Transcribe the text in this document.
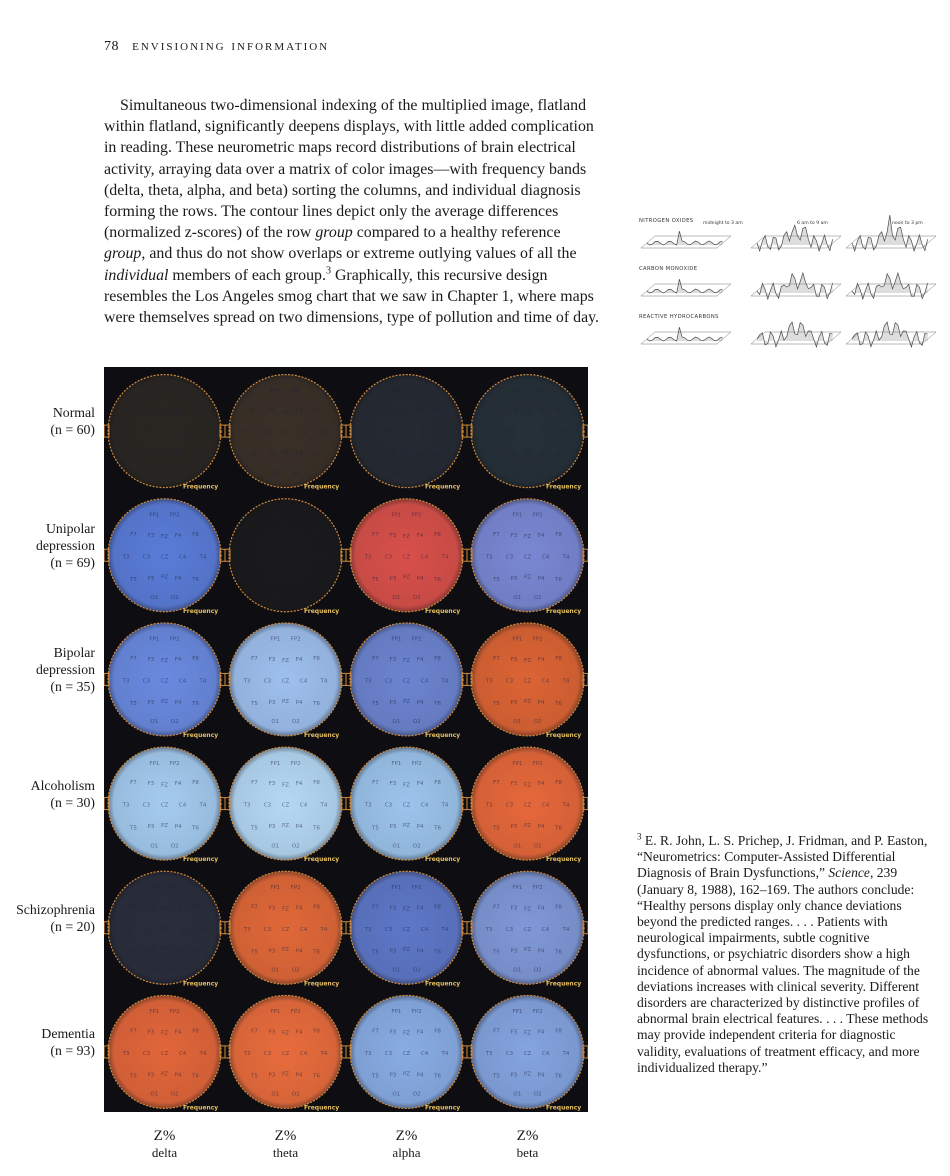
78 envisioning information

Simultaneous two-dimensional indexing of the multiplied image, flatland within flatland, significantly deepens displays, with little added complication in reading. These neurometric maps record distributions of brain electrical activity, arraying data over a matrix of color images—with frequency bands (delta, theta, alpha, and beta) sorting the columns, and individual diagnosis forming the rows. The contour lines depict only the average differences (normalized z-scores) of the row group compared to a healthy reference group, and thus do not show overlaps or extreme outlying values of all the individual members of each group.$^3$ Graphically, this recursive design resembles the Los Angeles smog chart that we saw in Chapter 1, where maps were themselves spread on two dimensions, type of pollution and time of day.

NITROGEN OXIDES midnight to 3 am	6 am to 9 am	noon to 3 pm
CARBON MONOXIDE
REACTIVE HYDROCARBONS
FP1 FP2
F7 F3 FZ F4 F8
T3 C3 CZ C4 T4
T5 P3 PZ P4 T6
O1 O2
Frequency
FP1 FP2
F7 F3 FZ F4 F8
T3 C3 CZ C4 T4
T5 P3 PZ P4 T6
O1 O2
Frequency
FP1 FP2
F7 F3 FZ F4 F8
T3 C3 CZ C4 T4
T5 P3 PZ P4 T6
O1 O2
Frequency
FP1 FP2
F7 F3 FZ F4 F8
T3 C3 CZ C4 T4
T5 P3 PZ P4 T6
O1 O2
Frequency
FP1 FP2
F7 F3 FZ F4 F8
T3 C3 CZ C4 T4
T5 P3 PZ P4 T6
O1 O2
Frequency
FP1 FP2
F7 F3 FZ F4 F8
T3 C3 CZ C4 T4
T5 P3 PZ P4 T6
O1 O2
Frequency
FP1 FP2
F7 F3 FZ F4 F8
T3 C3 CZ C4 T4
T5 P3 PZ P4 T6
O1 O2
Frequency
FP1 FP2
F7 F3 FZ F4 F8
T3 C3 CZ C4 T4
T5 P3 PZ P4 T6
O1 O2
Frequency
FP1 FP2
F7 F3 FZ F4 F8
T3 C3 CZ C4 T4
T5 P3 PZ P4 T6
O1 O2
Frequency
FP1 FP2
F7 F3 FZ F4 F8
T3 C3 CZ C4 T4
T5 P3 PZ P4 T6
O1 O2
Frequency
FP1 FP2
F7 F3 FZ F4 F8
T3 C3 CZ C4 T4
T5 P3 PZ P4 T6
O1 O2
Frequency
FP1 FP2
F7 F3 FZ F4 F8
T3 C3 CZ C4 T4
T5 P3 PZ P4 T6
O1 O2
Frequency
FP1 FP2
F7 F3 FZ F4 F8
T3 C3 CZ C4 T4
T5 P3 PZ P4 T6
O1 O2
Frequency
FP1 FP2
F7 F3 FZ F4 F8
T3 C3 CZ C4 T4
T5 P3 PZ P4 T6
O1 O2
Frequency
FP1 FP2
F7 F3 FZ F4 F8
T3 C3 CZ C4 T4
T5 P3 PZ P4 T6
O1 O2
Frequency
FP1 FP2
F7 F3 FZ F4 F8
T3 C3 CZ C4 T4
T5 P3 PZ P4 T6
O1 O2
Frequency
FP1 FP2
F7 F3 FZ F4 F8
T3 C3 CZ C4 T4
T5 P3 PZ P4 T6
O1 O2
Frequency
FP1 FP2
F7 F3 FZ F4 F8
T3 C3 CZ C4 T4
T5 P3 PZ P4 T6
O1 O2
Frequency
FP1 FP2
F7 F3 FZ F4 F8
T3 C3 CZ C4 T4
T5 P3 PZ P4 T6
O1 O2
Frequency
FP1 FP2
F7 F3 FZ F4 F8
T3 C3 CZ C4 T4
T5 P3 PZ P4 T6
O1 O2
Frequency
FP1 FP2
F7 F3 FZ F4 F8
T3 C3 CZ C4 T4
T5 P3 PZ P4 T6
O1 O2
Frequency
FP1 FP2
F7 F3 FZ F4 F8
T3 C3 CZ C4 T4
T5 P3 PZ P4 T6
O1 O2
Frequency
FP1 FP2
F7 F3 FZ F4 F8
T3 C3 CZ C4 T4
T5 P3 PZ P4 T6
O1 O2
Frequency
FP1 FP2
F7 F3 FZ F4 F8
T3 C3 CZ C4 T4
T5 P3 PZ P4 T6
O1 O2
Frequency
Normal
(n = 60)
Unipolar
depression
(n = 69)
Bipolar
depression
(n = 35)
Alcoholism
(n = 30)
Schizophrenia
(n = 20)
Dementia
(n = 93)
Z%
delta
Z%
theta
Z%
alpha
Z%
beta

$^3$ E. R. John, L. S. Prichep, J. Fridman, and P. Easton, “Neurometrics: Computer-Assisted Differential Diagnosis of Brain Dysfunctions,” Science, 239 (January 8, 1988), 162–169. The authors conclude: “Healthy persons display only chance deviations beyond the predicted ranges. . . . Patients with neurological impairments, subtle cognitive dysfunctions, or psychiatric disorders show a high incidence of abnormal values. The magnitude of the deviations increases with clinical severity. Different disorders are characterized by distinctive profiles of abnormal brain electrical features. . . . These methods may provide independent criteria for diagnostic validity, evaluations of treatment efficacy, and more individualized therapy.”
